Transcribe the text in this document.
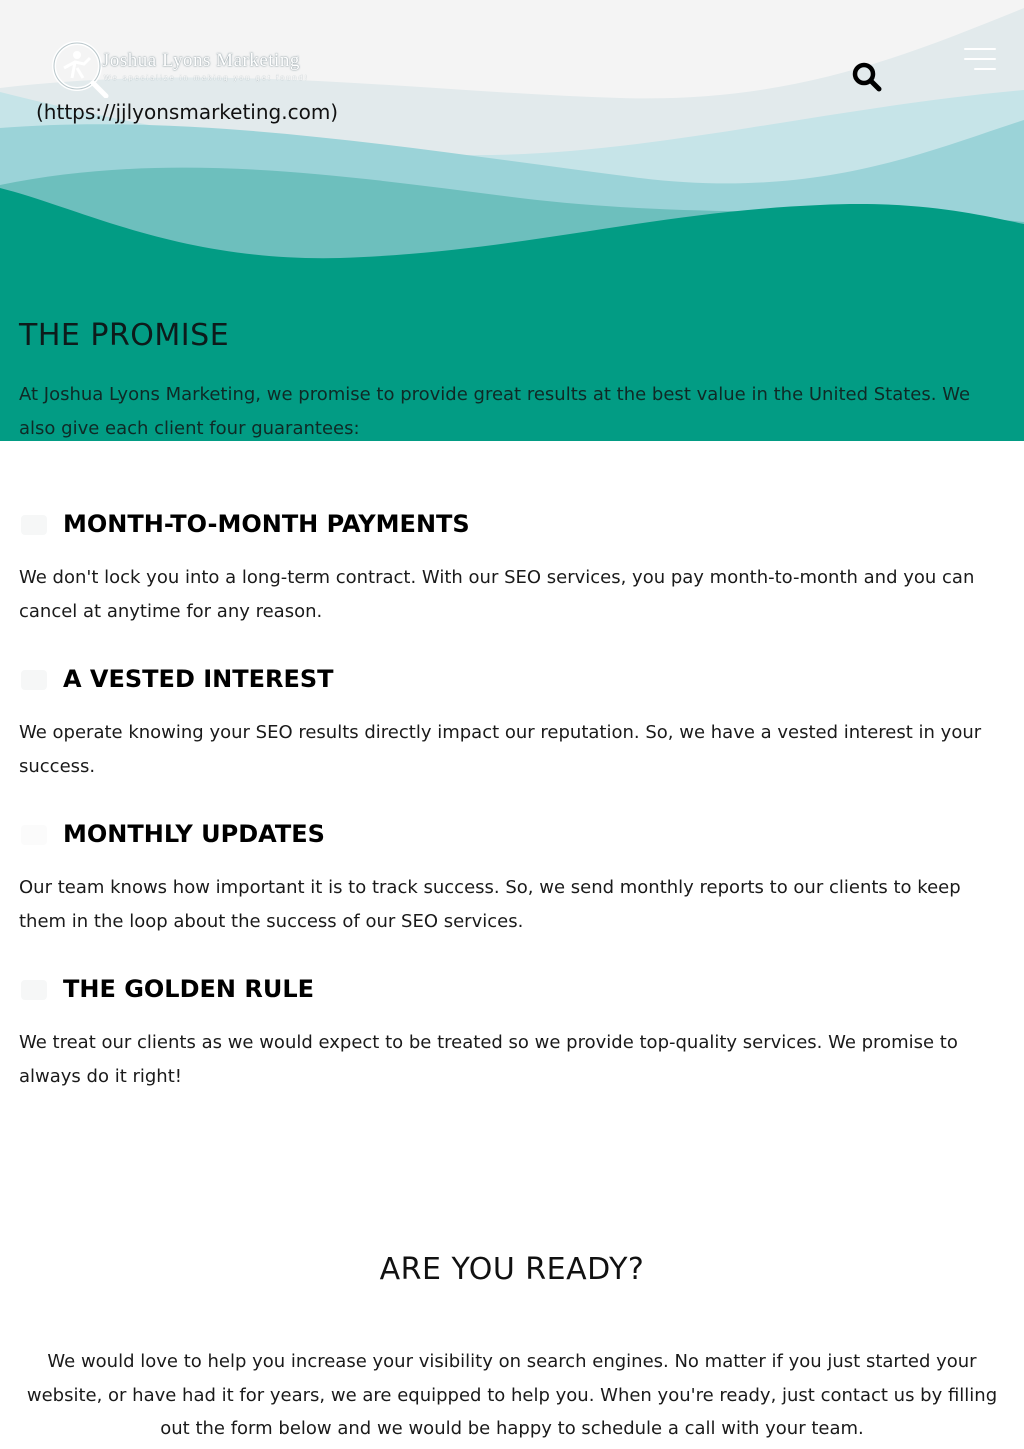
Joshua Lyons Marketing
We specialize in making you get found!
(https://jjlyonsmarketing.com)
THE PROMISE

At Joshua Lyons Marketing, we promise to provide great results at the best value in the United States. We also give each client four guarantees:

MONTH-TO-MONTH PAYMENTS

We don't lock you into a long-term contract. With our SEO services, you pay month-to-month and you can cancel at anytime for any reason.

A VESTED INTEREST

We operate knowing your SEO results directly impact our reputation. So, we have a vested interest in your success.

MONTHLY UPDATES

Our team knows how important it is to track success. So, we send monthly reports to our clients to keep them in the loop about the success of our SEO services.

THE GOLDEN RULE

We treat our clients as we would expect to be treated so we provide top-quality services. We promise to always do it right!

ARE YOU READY?

We would love to help you increase your visibility on search engines. No matter if you just started your website, or have had it for years, we are equipped to help you. When you're ready, just contact us by filling out the form below and we would be happy to schedule a call with your team.
